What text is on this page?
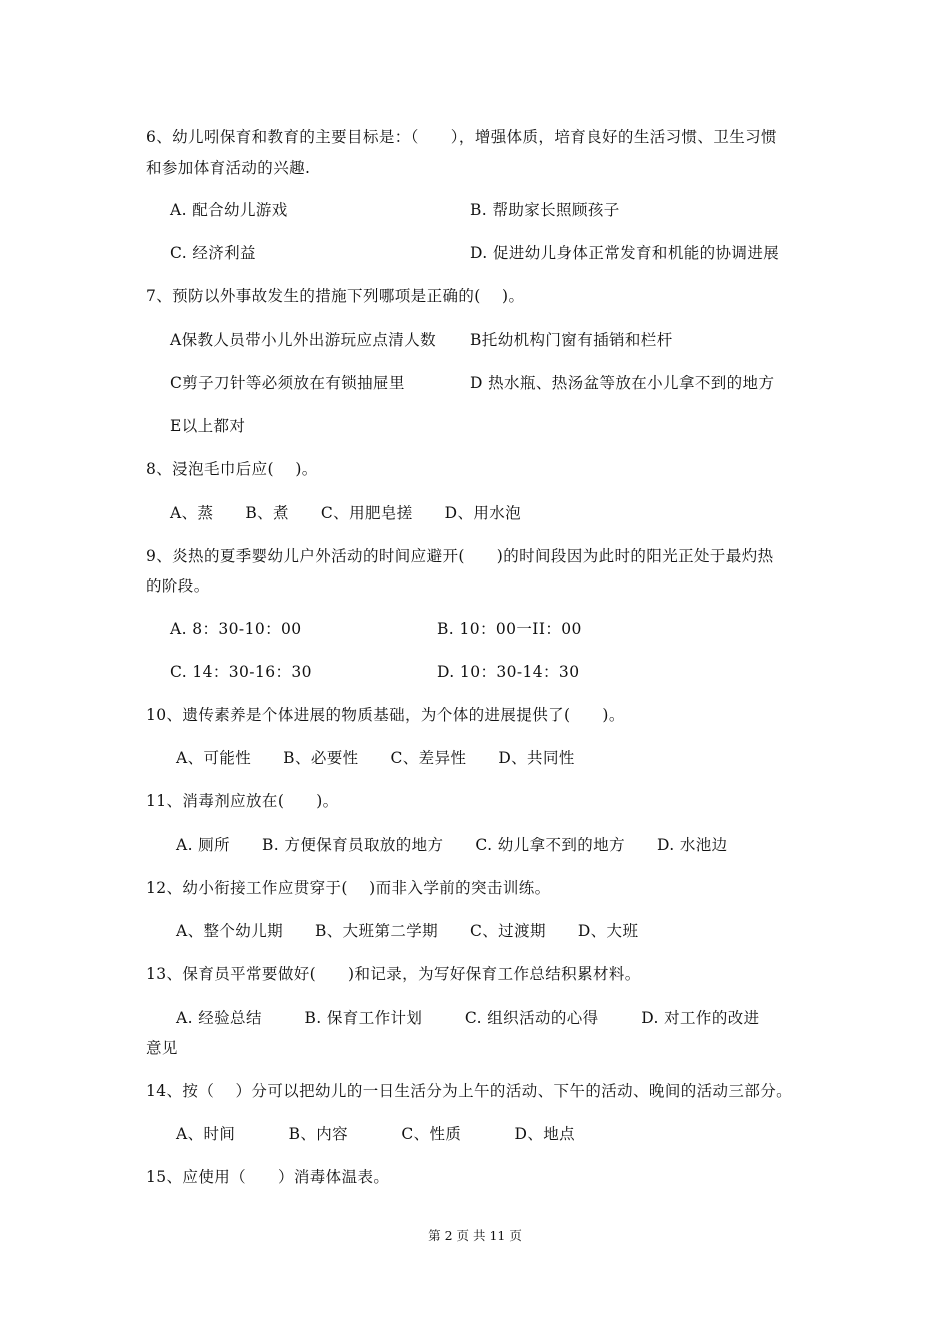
6、幼儿吲保育和教育的主要目标是：（      ），增强体质，培育良好的生活习惯、卫生习惯
和参加体育活动的兴趣.
A. 配合幼儿游戏	B. 帮助家长照顾孩子
C. 经济利益	D. 促进幼儿身体正常发育和机能的协调进展
7、预防以外事故发生的措施下列哪项是正确的(    )。
A保教人员带小儿外出游玩应点清人数 B托幼机构门窗有插销和栏杆
C剪子刀针等必须放在有锁抽屉里	D 热水瓶、热汤盆等放在小儿拿不到的地方
E以上都对
8、浸泡毛巾后应(    )。
A、蒸      B、煮      C、用肥皂搓      D、用水泡
9、炎热的夏季婴幼儿户外活动的时间应避开(      )的时间段因为此时的阳光正处于最灼热
的阶段。
A. 8：30-10：00	B. 10：00一II：00
C. 14：30-16：30	D. 10：30-14：30
10、遗传素养是个体进展的物质基础，为个体的进展提供了(      )。
A、可能性      B、必要性      C、差异性      D、共同性
11、消毒剂应放在(      )。
A. 厕所      B. 方便保育员取放的地方      C. 幼儿拿不到的地方      D. 水池边
12、幼小衔接工作应贯穿于(    )而非入学前的突击训练。
A、整个幼儿期      B、大班第二学期      C、过渡期      D、大班
13、保育员平常要做好(      )和记录，为写好保育工作总结积累材料。
A. 经验总结        B. 保育工作计划        C. 组织活动的心得        D. 对工作的改进
意见
14、按（    ）分可以把幼儿的一日生活分为上午的活动、下午的活动、晚间的活动三部分。
A、时间          B、内容          C、性质          D、地点
15、应使用（      ）消毒体温表。
第 2 页 共 11 页
